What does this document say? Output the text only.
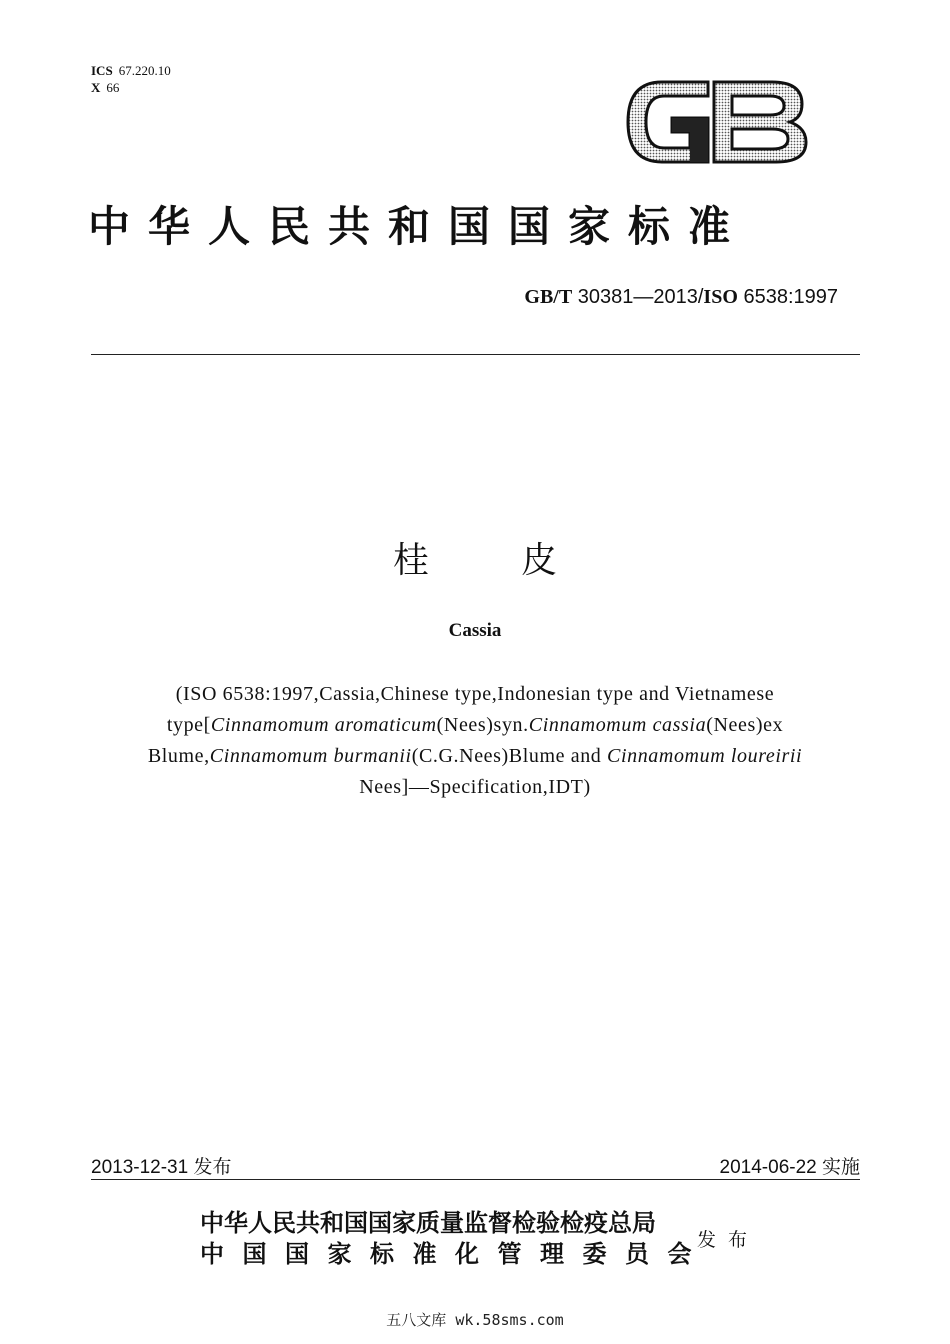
ICS 67.220.10
X 66
中华人民共和国国家标准
GB/T 30381—2013/ISO 6538:1997
桂皮
Cassia
(ISO 6538:1997,Cassia,Chinese type,Indonesian type and Vietnamese
type[Cinnamomum aromaticum(Nees)syn.Cinnamomum cassia(Nees)ex
Blume,Cinnamomum burmanii(C.G.Nees)Blume and Cinnamomum loureirii
Nees]—Specification,IDT)
2013-12-31 发布	2014-06-22 实施
中华人民共和国国家质量监督检验检疫总局
中国国家标准化管理委员会
发布
五八文库 wk.58sms.com
